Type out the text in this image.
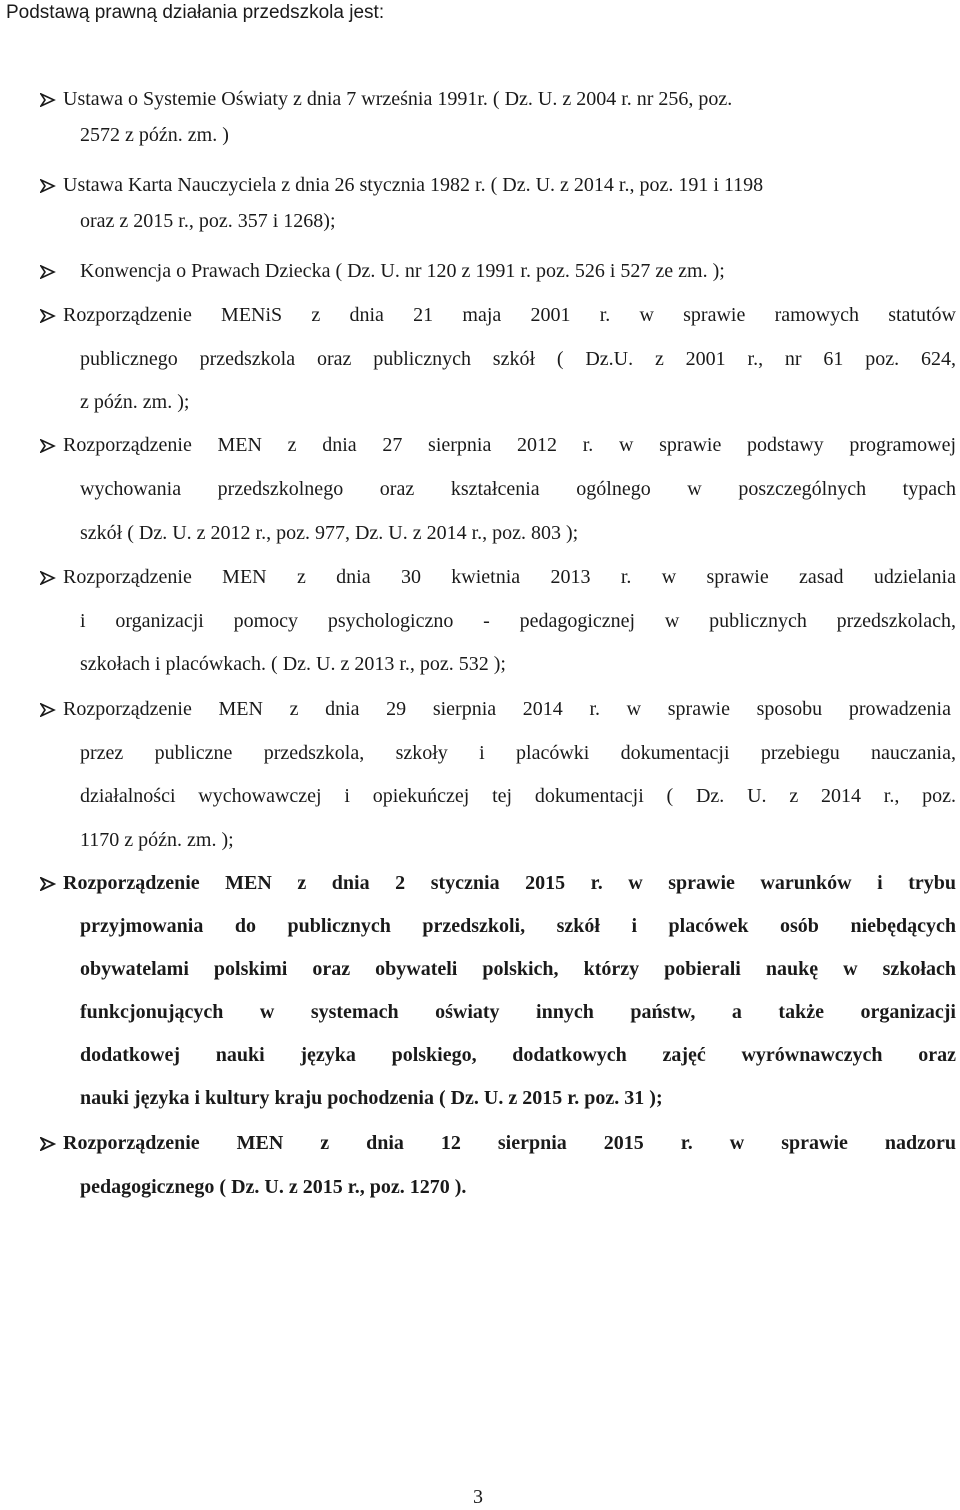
Podstawą prawną działania przedszkola jest:
Ustawa o Systemie Oświaty z dnia 7 września 1991r. ( Dz. U. z 2004 r. nr 256, poz.
2572 z późn. zm. )
Ustawa Karta Nauczyciela z dnia 26 stycznia 1982 r. ( Dz. U. z 2014 r., poz. 191 i 1198
oraz z 2015 r., poz. 357 i 1268);
Konwencja o Prawach Dziecka ( Dz. U. nr 120 z 1991 r. poz. 526 i 527 ze zm. );
Rozporządzenie MENiS z dnia 21 maja 2001 r. w sprawie ramowych statutów
publicznego przedszkola oraz publicznych szkół ( Dz.U. z 2001 r., nr 61 poz. 624,
z późn. zm. );
Rozporządzenie MEN z dnia 27 sierpnia 2012 r. w sprawie podstawy programowej
wychowania przedszkolnego oraz kształcenia ogólnego w poszczególnych typach
szkół ( Dz. U. z 2012 r., poz. 977, Dz. U. z 2014 r., poz. 803 );
Rozporządzenie MEN z dnia 30 kwietnia 2013 r. w sprawie zasad udzielania
i organizacji pomocy psychologiczno - pedagogicznej w publicznych przedszkolach,
szkołach i placówkach. ( Dz. U. z 2013 r., poz. 532 );
Rozporządzenie MEN z dnia 29 sierpnia 2014 r. w sprawie sposobu prowadzenia
przez publiczne przedszkola, szkoły i placówki dokumentacji przebiegu nauczania,
działalności wychowawczej i opiekuńczej tej dokumentacji ( Dz. U. z 2014 r., poz.
1170 z późn. zm. );
Rozporządzenie MEN z dnia 2 stycznia 2015 r. w sprawie warunków i trybu
przyjmowania do publicznych przedszkoli, szkół i placówek osób niebędących
obywatelami polskimi oraz obywateli polskich, którzy pobierali naukę w szkołach
funkcjonujących w systemach oświaty innych państw, a także organizacji
dodatkowej nauki języka polskiego, dodatkowych zajęć wyrównawczych oraz
nauki języka i kultury kraju pochodzenia ( Dz. U. z 2015 r. poz. 31 );
Rozporządzenie MEN z dnia 12 sierpnia 2015 r. w sprawie nadzoru
pedagogicznego ( Dz. U. z 2015 r., poz. 1270 ).
3
